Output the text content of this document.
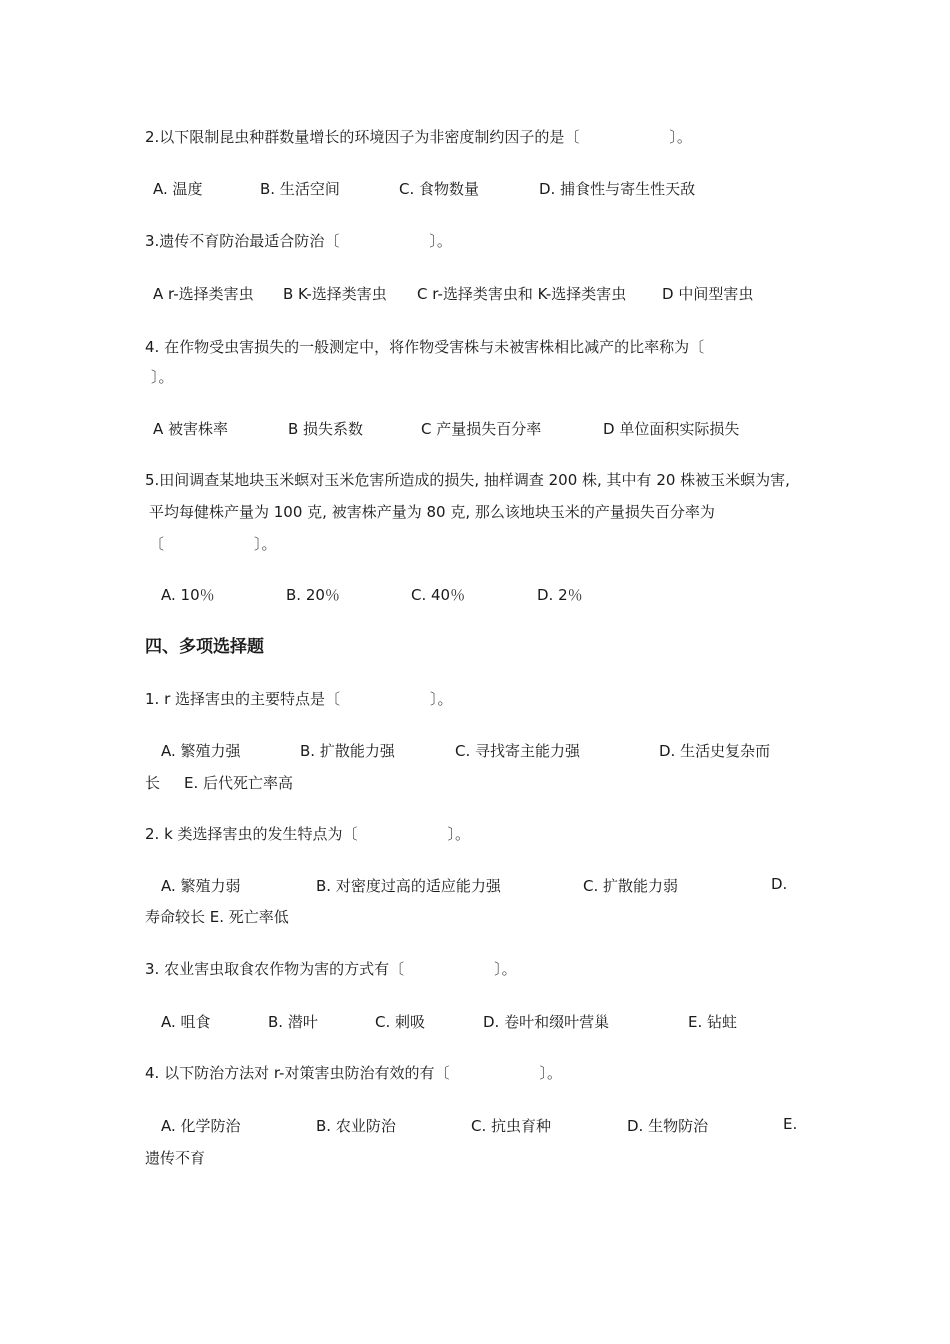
2.以下限制昆虫种群数量增长的环境因子为非密度制约因子的是〔　　　　　　〕。
A. 温度	B. 生活空间	C. 食物数量	D. 捕食性与寄生性天敌
3.遗传不育防治最适合防治〔　　　　　　〕。
A r-选择类害虫 B K-选择类害虫 C r-选择类害虫和 K-选择类害虫 D 中间型害虫
4. 在作物受虫害损失的一般测定中，将作物受害株与未被害株相比减产的比率称为〔
〕。
A 被害株率	B 损失系数	C 产量损失百分率	D 单位面积实际损失
5.田间调查某地块玉米螟对玉米危害所造成的损失, 抽样调查 200 株, 其中有 20 株被玉米螟为害,
平均每健株产量为 100 克, 被害株产量为 80 克, 那么该地块玉米的产量损失百分率为
〔　　　　　　〕。
A. 10％	B. 20％	C. 40％	D. 2％
四、多项选择题
1. r 选择害虫的主要特点是〔　　　　　　〕。
A. 繁殖力强	B. 扩散能力强	C. 寻找寄主能力强	D. 生活史复杂而
长 E. 后代死亡率高
2. k 类选择害虫的发生特点为〔　　　　　　〕。
A. 繁殖力弱	B. 对密度过高的适应能力强	C. 扩散能力弱	D.
寿命较长 E. 死亡率低
3. 农业害虫取食农作物为害的方式有〔　　　　　　〕。
A. 咀食	B. 潜叶	C. 刺吸	D. 卷叶和缀叶营巢	E. 钻蛀
4. 以下防治方法对 r-对策害虫防治有效的有〔　　　　　　〕。
A. 化学防治	B. 农业防治	C. 抗虫育种	D. 生物防治	E.
遗传不育
